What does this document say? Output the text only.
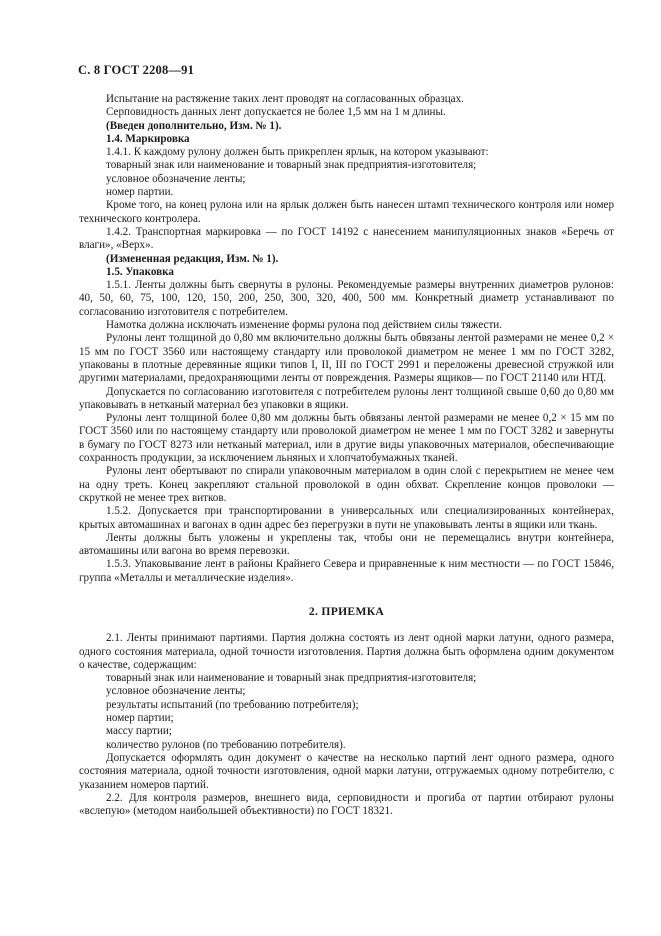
С. 8 ГОСТ 2208—91

Испытание на растяжение таких лент проводят на согласованных образцах.

Серповидность данных лент допускается не более 1,5 мм на 1 м длины.

(Введен дополнительно, Изм. № 1).

1.4. Маркировка

1.4.1. К каждому рулону должен быть прикреплен ярлык, на котором указывают:

товарный знак или наименование и товарный знак предприятия-изготовителя;

условное обозначение ленты;

номер партии.

Кроме того, на конец рулона или на ярлык должен быть нанесен штамп технического контроля или номер технического контролера.

1.4.2. Транспортная маркировка — по ГОСТ 14192 с нанесением манипуляционных знаков «Беречь от влаги», «Верх».

(Измененная редакция, Изм. № 1).

1.5. Упаковка

1.5.1. Ленты должны быть свернуты в рулоны. Рекомендуемые размеры внутренних диаметров рулонов: 40, 50, 60, 75, 100, 120, 150, 200, 250, 300, 320, 400, 500 мм. Конкретный диаметр устанавливают по согласованию изготовителя с потребителем.

Намотка должна исключать изменение формы рулона под действием силы тяжести.

Рулоны лент толщиной до 0,80 мм включительно должны быть обвязаны лентой размерами не менее 0,2 × 15 мм по ГОСТ 3560 или настоящему стандарту или проволокой диаметром не менее 1 мм по ГОСТ 3282, упакованы в плотные деревянные ящики типов I, II, III по ГОСТ 2991 и переложены древесной стружкой или другими материалами, предохраняющими ленты от повреждения. Размеры ящиков— по ГОСТ 21140 или НТД.

Допускается по согласованию изготовителя с потребителем рулоны лент толщиной свыше 0,60 до 0,80 мм упаковывать в нетканый материал без упаковки в ящики.

Рулоны лент толщиной более 0,80 мм должны быть обвязаны лентой размерами не менее 0,2 × 15 мм по ГОСТ 3560 или по настоящему стандарту или проволокой диаметром не менее 1 мм по ГОСТ 3282 и завернуты в бумагу по ГОСТ 8273 или нетканый материал, или в другие виды упаковочных материалов, обеспечивающие сохранность продукции, за исключением льняных и хлопчатобумажных тканей.

Рулоны лент обертывают по спирали упаковочным материалом в один слой с перекрытием не менее чем на одну треть. Конец закрепляют стальной проволокой в один обхват. Скрепление концов проволоки — скруткой не менее трех витков.

1.5.2. Допускается при транспортировании в универсальных или специализированных контейнерах, крытых автомашинах и вагонах в один адрес без перегрузки в пути не упаковывать ленты в ящики или ткань.

Ленты должны быть уложены и укреплены так, чтобы они не перемещались внутри контейнера, автомашины или вагона во время перевозки.

1.5.3. Упаковывание лент в районы Крайнего Севера и приравненные к ним местности — по ГОСТ 15846, группа «Металлы и металлические изделия».

2. ПРИЕМКА

2.1. Ленты принимают партиями. Партия должна состоять из лент одной марки латуни, одного размера, одного состояния материала, одной точности изготовления. Партия должна быть оформлена одним документом о качестве, содержащим:

товарный знак или наименование и товарный знак предприятия-изготовителя;

условное обозначение ленты;

результаты испытаний (по требованию потребителя);

номер партии;

массу партии;

количество рулонов (по требованию потребителя).

Допускается оформлять один документ о качестве на несколько партий лент одного размера, одного состояния материала, одной точности изготовления, одной марки латуни, отгружаемых одному потребителю, с указанием номеров партий.

2.2. Для контроля размеров, внешнего вида, серповидности и прогиба от партии отбирают рулоны «вслепую» (методом наибольшей объективности) по ГОСТ 18321.
